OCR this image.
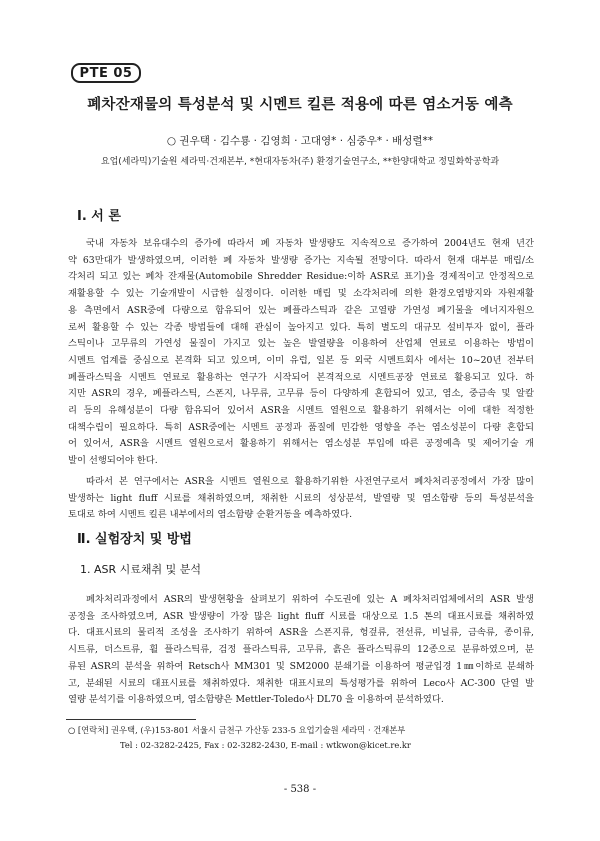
PTE 05
폐차잔재물의 특성분석 및 시멘트 킬른 적용에 따른 염소거동 예측
○ 권우택 · 김수룡 · 김영희 · 고대영* · 심중우* · 배성렬**
요업(세라믹)기술원 세라믹·건재본부, *현대자동차(주) 환경기술연구소, **한양대학교 정밀화학공학과
Ⅰ. 서 론
국내 자동차 보유대수의 증가에 따라서 폐 자동차 발생량도 지속적으로 증가하여 2004년도 현재 년간
약 63만대가 발생하였으며, 이러한 폐 자동차 발생량 증가는 지속될 전망이다. 따라서 현재 대부분 매립/소
각처리 되고 있는 폐차 잔재물(Automobile Shredder Residue:이하 ASR로 표기)을 경제적이고 안정적으로
재활용할 수 있는 기술개발이 시급한 실정이다. 이러한 매립 및 소각처리에 의한 환경오염방지와 자원재활
용 측면에서 ASR중에 다량으로 함유되어 있는 폐플라스틱과 같은 고열량 가연성 폐기물을 에너지자원으
로써 활용할 수 있는 각종 방법들에 대해 관심이 높아지고 있다. 특히 별도의 대규모 설비투자 없이, 플라
스틱이나 고무류의 가연성 물질이 가지고 있는 높은 발열량을 이용하여 산업체 연료로 이용하는 방법이
시멘트 업계를 중심으로 본격화 되고 있으며, 이미 유럽, 일본 등 외국 시멘트회사 에서는 10~20년 전부터
폐플라스틱을 시멘트 연료로 활용하는 연구가 시작되어 본격적으로 시멘트공장 연료로 활용되고 있다. 하
지만 ASR의 경우, 폐플라스틱, 스폰지, 나무류, 고무류 등이 다양하게 혼합되어 있고, 염소, 중금속 및 알칼
리 등의 유해성분이 다량 함유되어 있어서 ASR을 시멘트 열원으로 활용하기 위해서는 이에 대한 적정한
대책수립이 필요하다. 특히 ASR중에는 시멘트 공정과 품질에 민감한 영향을 주는 염소성분이 다량 혼합되
어 있어서, ASR을 시멘트 열원으로서 활용하기 위해서는 염소성분 투입에 따른 공정예측 및 제어기술 개
발이 선행되어야 한다.
따라서 본 연구에서는 ASR을 시멘트 열원으로 활용하기위한 사전연구로서 폐차처리공정에서 가장 많이
발생하는 light fluff 시료를 채취하였으며, 채취한 시료의 성상분석, 발열량 및 염소함량 등의 특성분석을
토대로 하여 시멘트 킬른 내부에서의 염소함량 순환거동을 예측하였다.
Ⅱ. 실험장치 및 방법
1. ASR 시료채취 및 분석
폐차처리과정에서 ASR의 발생현황을 살펴보기 위하여 수도권에 있는 A 폐차처리업체에서의 ASR 발생
공정을 조사하였으며, ASR 발생량이 가장 많은 light fluff 시료를 대상으로 1.5 톤의 대표시료를 채취하였
다. 대표시료의 물리적 조성을 조사하기 위하여 ASR을 스폰지류, 헝겊류, 전선류, 비닐류, 금속류, 종이류,
시트류, 더스트류, 휠 플라스틱류, 검정 플라스틱류, 고무류, 흙은 플라스틱류의 12종으로 분류하였으며, 분
류된 ASR의 분석을 위하여 Retsch사 MM301 및 SM2000 분쇄기를 이용하여 평균입경 1㎜이하로 분쇄하
고, 분쇄된 시료의 대표시료를 채취하였다. 채취한 대표시료의 특성평가를 위하여 Leco사 AC-300 단열 발
열량 분석기를 이용하였으며, 염소함량은 Mettler-Toledo사 DL70 을 이용하여 분석하였다.
○ [연락처] 권우택, (우)153-801 서울시 금천구 가산동 233-5 요업기술원 세라믹 · 건재본부
Tel : 02-3282-2425, Fax : 02-3282-2430, E-mail : wtkwon@kicet.re.kr
- 538 -
